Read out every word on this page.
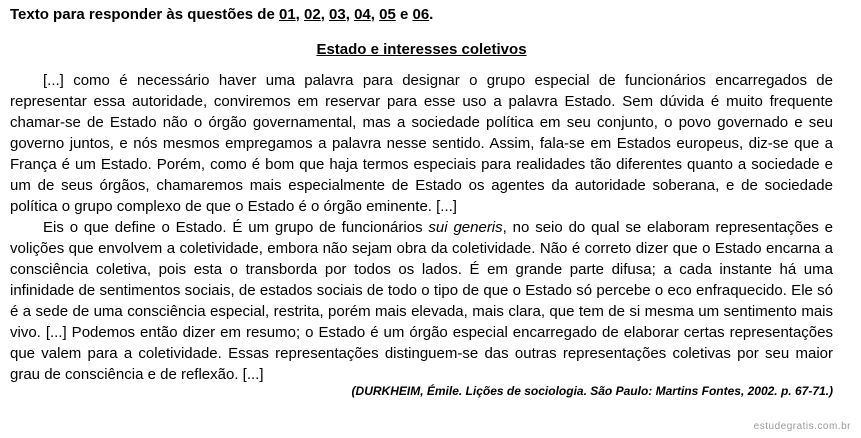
Texto para responder às questões de 01, 02, 03, 04, 05 e 06.
Estado e interesses coletivos

[...] como é necessário haver uma palavra para designar o grupo especial de funcionários encarregados de representar essa autoridade, conviremos em reservar para esse uso a palavra Estado. Sem dúvida é muito frequente chamar-se de Estado não o órgão governamental, mas a sociedade política em seu conjunto, o povo governado e seu governo juntos, e nós mesmos empregamos a palavra nesse sentido. Assim, fala-se em Estados europeus, diz-se que a França é um Estado. Porém, como é bom que haja termos especiais para realidades tão diferentes quanto a sociedade e um de seus órgãos, chamaremos mais especialmente de Estado os agentes da autoridade soberana, e de sociedade política o grupo complexo de que o Estado é o órgão eminente. [...]

Eis o que define o Estado. É um grupo de funcionários sui generis, no seio do qual se elaboram representações e volições que envolvem a coletividade, embora não sejam obra da coletividade. Não é correto dizer que o Estado encarna a consciência coletiva, pois esta o transborda por todos os lados. É em grande parte difusa; a cada instante há uma infinidade de sentimentos sociais, de estados sociais de todo o tipo de que o Estado só percebe o eco enfraquecido. Ele só é a sede de uma consciência especial, restrita, porém mais elevada, mais clara, que tem de si mesma um sentimento mais vivo. [...] Podemos então dizer em resumo; o Estado é um órgão especial encarregado de elaborar certas representações que valem para a coletividade. Essas representações distinguem-se das outras representações coletivas por seu maior grau de consciência e de reflexão. [...]

(DURKHEIM, Émile. Lições de sociologia. São Paulo: Martins Fontes, 2002. p. 67-71.)
estudegratis.com.br
